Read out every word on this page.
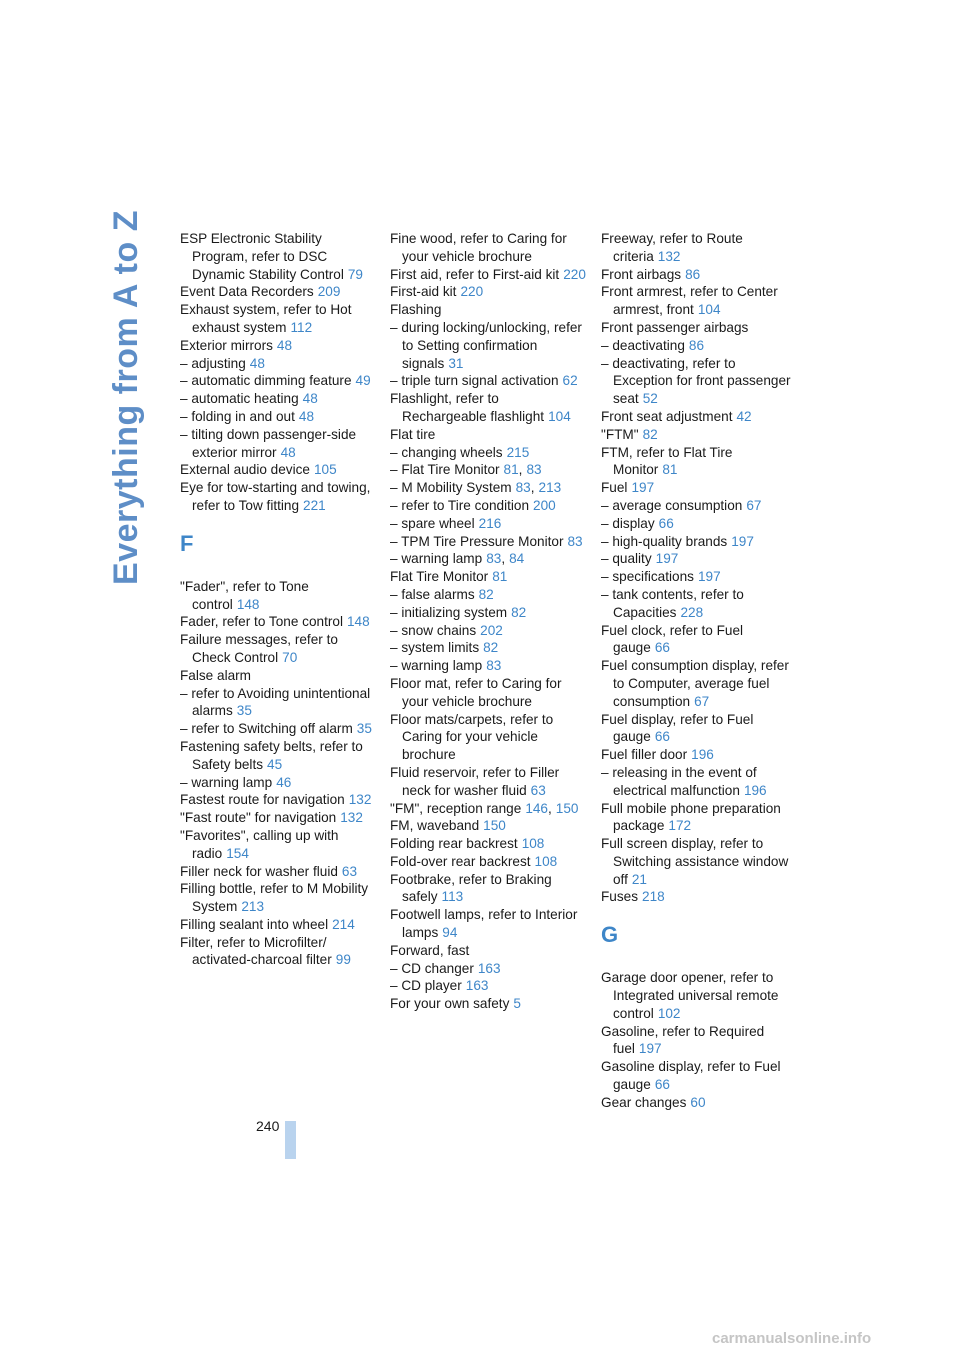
Everything from A to Z	ESP Electronic Stability Program, refer to DSC Dynamic Stability Control 79
Event Data Recorders 209
Exhaust system, refer to Hot exhaust system 112
Exterior mirrors 48
– adjusting 48
– automatic dimming feature 49
– automatic heating 48
– folding in and out 48
– tilting down passenger-side exterior mirror 48
External audio device 105
Eye for tow-starting and towing, refer to Tow fitting 221
F
"Fader", refer to Tone control 148
Fader, refer to Tone control 148
Failure messages, refer to Check Control 70
False alarm
– refer to Avoiding unintentional alarms 35
– refer to Switching off alarm 35
Fastening safety belts, refer to Safety belts 45
– warning lamp 46
Fastest route for navigation 132
"Fast route" for navigation 132
"Favorites", calling up with radio 154
Filler neck for washer fluid 63
Filling bottle, refer to M Mobility System 213
Filling sealant into wheel 214
Filter, refer to Microfilter/ activated-charcoal filter 99
Fine wood, refer to Caring for your vehicle brochure
First aid, refer to First-aid kit 220
First-aid kit 220
Flashing
– during locking/unlocking, refer to Setting confirmation signals 31
– triple turn signal activation 62
Flashlight, refer to Rechargeable flashlight 104
Flat tire
– changing wheels 215
– Flat Tire Monitor 81, 83
– M Mobility System 83, 213
– refer to Tire condition 200
– spare wheel 216
– TPM Tire Pressure Monitor 83
– warning lamp 83, 84
Flat Tire Monitor 81
– false alarms 82
– initializing system 82
– snow chains 202
– system limits 82
– warning lamp 83
Floor mat, refer to Caring for your vehicle brochure
Floor mats/carpets, refer to Caring for your vehicle brochure
Fluid reservoir, refer to Filler neck for washer fluid 63
"FM", reception range 146, 150
FM, waveband 150
Folding rear backrest 108
Fold-over rear backrest 108
Footbrake, refer to Braking safely 113
Footwell lamps, refer to Interior lamps 94
Forward, fast
– CD changer 163
– CD player 163
For your own safety 5
Freeway, refer to Route criteria 132
Front airbags 86
Front armrest, refer to Center armrest, front 104
Front passenger airbags
– deactivating 86
– deactivating, refer to Exception for front passenger seat 52
Front seat adjustment 42
"FTM" 82
FTM, refer to Flat Tire Monitor 81
Fuel 197
– average consumption 67
– display 66
– high-quality brands 197
– quality 197
– specifications 197
– tank contents, refer to Capacities 228
Fuel clock, refer to Fuel gauge 66
Fuel consumption display, refer to Computer, average fuel consumption 67
Fuel display, refer to Fuel gauge 66
Fuel filler door 196
– releasing in the event of electrical malfunction 196
Full mobile phone preparation package 172
Full screen display, refer to Switching assistance window off 21
Fuses 218
G
Garage door opener, refer to Integrated universal remote control 102
Gasoline, refer to Required fuel 197
Gasoline display, refer to Fuel gauge 66
Gear changes 60
240
carmanualsonline.info
